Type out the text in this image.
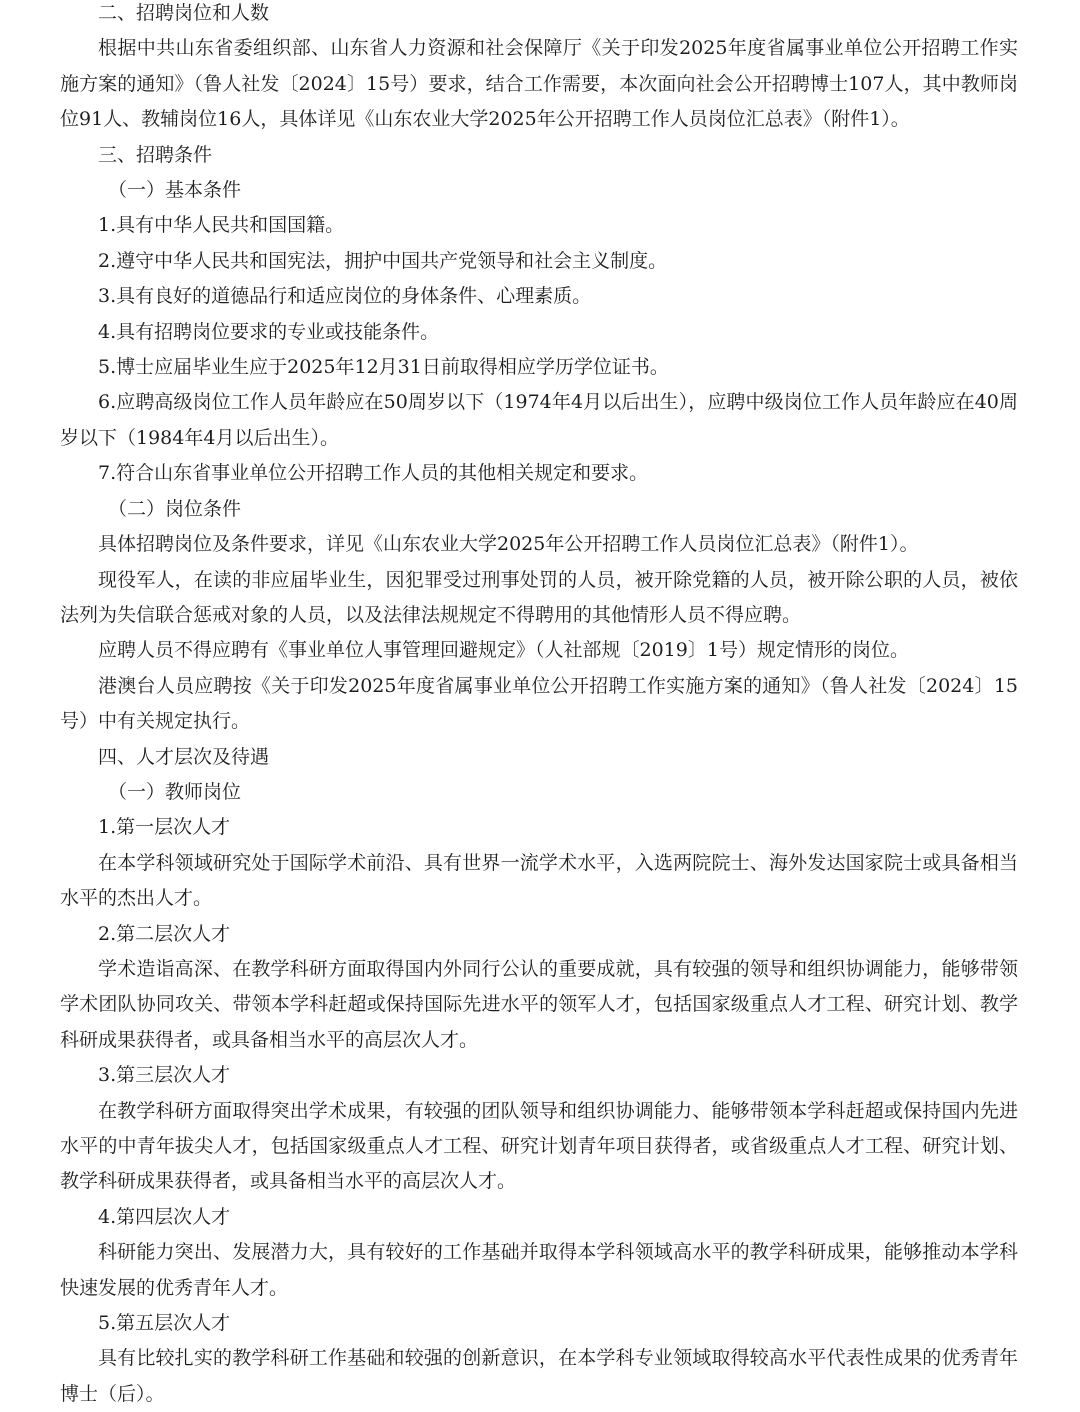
二、招聘岗位和人数

根据中共山东省委组织部、山东省人力资源和社会保障厅《关于印发2025年度省属事业单位公开招聘工作实施方案的通知》（鲁人社发〔2024〕15号）要求，结合工作需要，本次面向社会公开招聘博士107人，其中教师岗位91人、教辅岗位16人，具体详见《山东农业大学2025年公开招聘工作人员岗位汇总表》（附件1）。

三、招聘条件

（一）基本条件

1.具有中华人民共和国国籍。

2.遵守中华人民共和国宪法，拥护中国共产党领导和社会主义制度。

3.具有良好的道德品行和适应岗位的身体条件、心理素质。

4.具有招聘岗位要求的专业或技能条件。

5.博士应届毕业生应于2025年12月31日前取得相应学历学位证书。

6.应聘高级岗位工作人员年龄应在50周岁以下（1974年4月以后出生），应聘中级岗位工作人员年龄应在40周岁以下（1984年4月以后出生）。

7.符合山东省事业单位公开招聘工作人员的其他相关规定和要求。

（二）岗位条件

具体招聘岗位及条件要求，详见《山东农业大学2025年公开招聘工作人员岗位汇总表》（附件1）。

现役军人，在读的非应届毕业生，因犯罪受过刑事处罚的人员，被开除党籍的人员，被开除公职的人员，被依法列为失信联合惩戒对象的人员，以及法律法规规定不得聘用的其他情形人员不得应聘。

应聘人员不得应聘有《事业单位人事管理回避规定》（人社部规〔2019〕1号）规定情形的岗位。

港澳台人员应聘按《关于印发2025年度省属事业单位公开招聘工作实施方案的通知》（鲁人社发〔2024〕15号）中有关规定执行。

四、人才层次及待遇

（一）教师岗位

1.第一层次人才

在本学科领域研究处于国际学术前沿、具有世界一流学术水平，入选两院院士、海外发达国家院士或具备相当水平的杰出人才。

2.第二层次人才

学术造诣高深、在教学科研方面取得国内外同行公认的重要成就，具有较强的领导和组织协调能力，能够带领学术团队协同攻关、带领本学科赶超或保持国际先进水平的领军人才，包括国家级重点人才工程、研究计划、教学科研成果获得者，或具备相当水平的高层次人才。

3.第三层次人才

在教学科研方面取得突出学术成果，有较强的团队领导和组织协调能力、能够带领本学科赶超或保持国内先进水平的中青年拔尖人才，包括国家级重点人才工程、研究计划青年项目获得者，或省级重点人才工程、研究计划、教学科研成果获得者，或具备相当水平的高层次人才。

4.第四层次人才

科研能力突出、发展潜力大，具有较好的工作基础并取得本学科领域高水平的教学科研成果，能够推动本学科快速发展的优秀青年人才。

5.第五层次人才

具有比较扎实的教学科研工作基础和较强的创新意识，在本学科专业领域取得较高水平代表性成果的优秀青年博士（后）。
